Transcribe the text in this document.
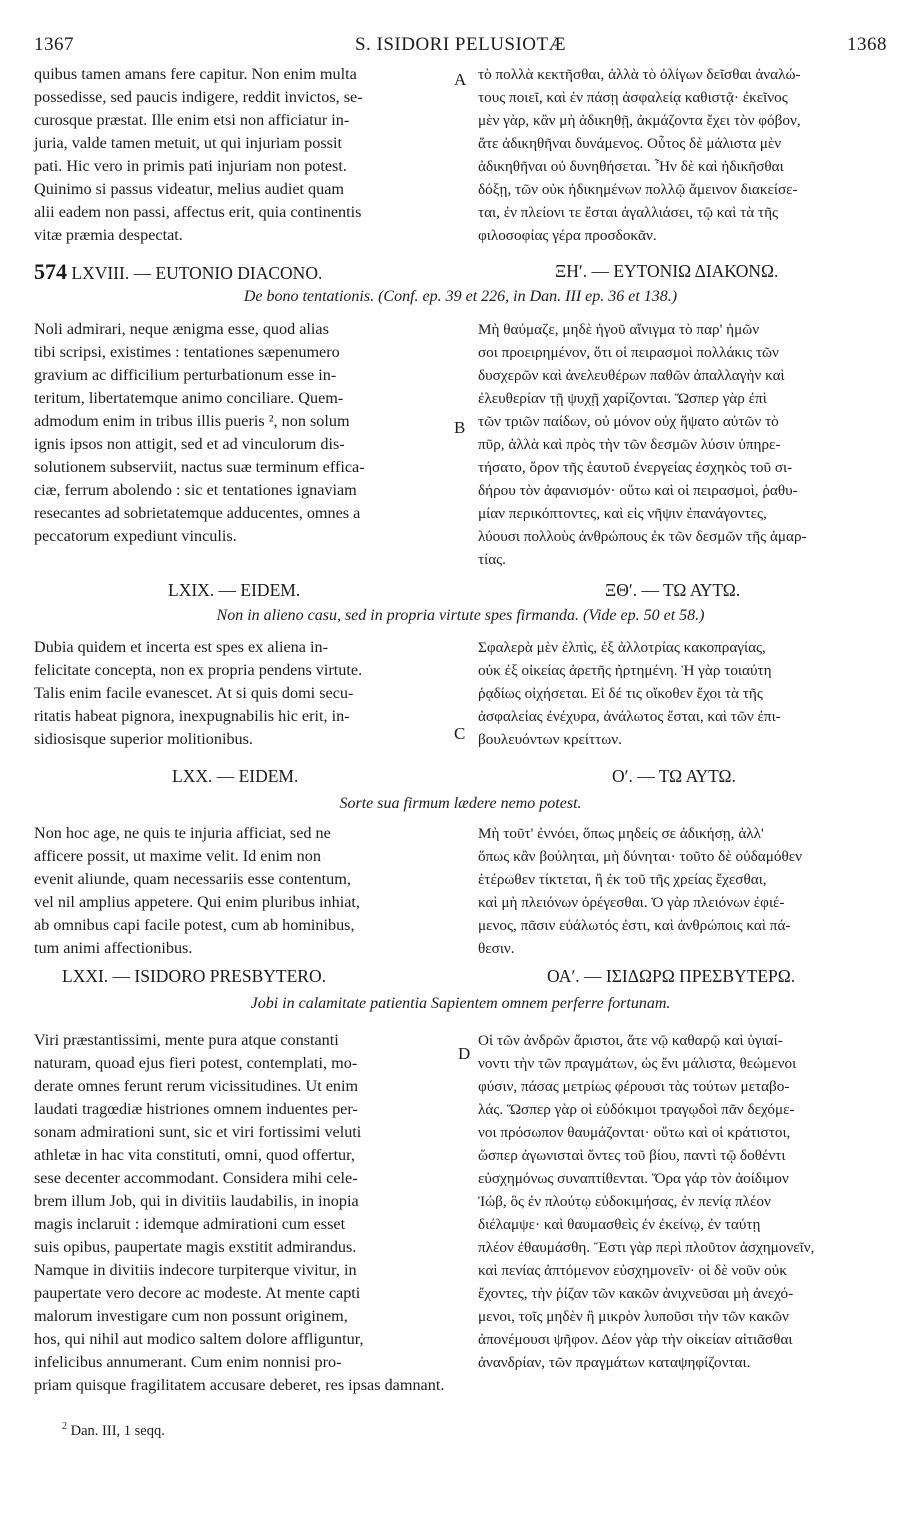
1367	S. ISIDORI PELUSIOTÆ	1368
quibus tamen amans fere capitur. Non enim multa
possedisse, sed paucis indigere, reddit invictos, se-
curosque præstat. Ille enim etsi non afficiatur in-
juria, valde tamen metuit, ut qui injuriam possit
pati. Hic vero in primis pati injuriam non potest.
Quinimo si passus videatur, melius audiet quam
alii eadem non passi, affectus erit, quia continentis
vitæ præmia despectat.
τὸ πολλὰ κεκτῆσθαι, ἀλλὰ τὸ ὀλίγων δεῖσθαι ἀναλώ-
τους ποιεῖ, καὶ ἐν πάσῃ ἀσφαλείᾳ καθιστᾷ· ἐκεῖνος
μὲν γὰρ, κἂν μὴ ἀδικηθῇ, ἀκμάζοντα ἔχει τὸν φόβον,
ἅτε ἀδικηθῆναι δυνάμενος. Οὗτος δὲ μάλιστα μὲν
ἀδικηθῆναι οὐ δυνηθήσεται. Ἦν δὲ καὶ ἠδικῆσθαι
δόξῃ, τῶν οὐκ ἠδικημένων πολλῷ ἄμεινον διακείσε-
ται, ἐν πλείονι τε ἔσται ἀγαλλιάσει, τῷ καὶ τὰ τῆς
φιλοσοφίας γέρα προσδοκᾶν.
A
B
C
D
574 LXVIII. — EUTONIO DIACONO.	ΞΗʹ. — ΕΥΤΟΝΙΩ ΔΙΑΚΟΝΩ.
De bono tentationis. (Conf. ep. 39 et 226, in Dan. III ep. 36 et 138.)
Noli admirari, neque ænigma esse, quod alias
tibi scripsi, existimes : tentationes sæpenumero
gravium ac difficilium perturbationum esse in-
teritum, libertatemque animo conciliare. Quem-
admodum enim in tribus illis pueris ², non solum
ignis ipsos non attigit, sed et ad vinculorum dis-
solutionem subserviit, nactus suæ terminum effica-
ciæ, ferrum abolendo : sic et tentationes ignaviam
resecantes ad sobrietatemque adducentes, omnes a
peccatorum expediunt vinculis.
Μὴ θαύμαζε, μηδὲ ἡγοῦ αἴνιγμα τὸ παρ' ἡμῶν
σοι προειρημένον, ὅτι οἱ πειρασμοὶ πολλάκις τῶν
δυσχερῶν καὶ ἀνελευθέρων παθῶν ἀπαλλαγὴν καὶ
ἐλευθερίαν τῇ ψυχῇ χαρίζονται. Ὥσπερ γὰρ ἐπὶ
τῶν τριῶν παίδων, οὐ μόνον οὐχ ἥψατο αὐτῶν τὸ
πῦρ, ἀλλὰ καὶ πρὸς τὴν τῶν δεσμῶν λύσιν ὑπηρε-
τήσατο, ὅρον τῆς ἑαυτοῦ ἐνεργείας ἐσχηκὸς τοῦ σι-
δήρου τὸν ἀφανισμόν· οὕτω καὶ οἱ πειρασμοὶ, ῥαθυ-
μίαν περικόπτοντες, καὶ εἰς νῆψιν ἐπανάγοντες,
λύουσι πολλοὺς ἀνθρώπους ἐκ τῶν δεσμῶν τῆς ἁμαρ-
τίας.
LXIX. — EIDEM.	ΞΘʹ. — ΤΩ ΑΥΤΩ.
Non in alieno casu, sed in propria virtute spes firmanda. (Vide ep. 50 et 58.)
Dubia quidem et incerta est spes ex aliena in-
felicitate concepta, non ex propria pendens virtute.
Talis enim facile evanescet. At si quis domi secu-
ritatis habeat pignora, inexpugnabilis hic erit, in-
sidiosisque superior molitionibus.
Σφαλερὰ μὲν ἐλπὶς, ἐξ ἀλλοτρίας κακοπραγίας,
οὐκ ἐξ οἰκείας ἀρετῆς ἠρτημένη. Ἡ γὰρ τοιαύτη
ῥᾳδίως οἰχήσεται. Εἰ δέ τις οἴκοθεν ἔχοι τὰ τῆς
ἀσφαλείας ἐνέχυρα, ἀνάλωτος ἔσται, καὶ τῶν ἐπι-
βουλευόντων κρείττων.
LXX. — EIDEM.	Οʹ. — ΤΩ ΑΥΤΩ.
Sorte sua firmum lædere nemo potest.
Non hoc age, ne quis te injuria afficiat, sed ne
afficere possit, ut maxime velit. Id enim non
evenit aliunde, quam necessariis esse contentum,
vel nil amplius appetere. Qui enim pluribus inhiat,
ab omnibus capi facile potest, cum ab hominibus,
tum animi affectionibus.
Μὴ τοῦτ' ἐννόει, ὅπως μηδείς σε ἀδικήσῃ, ἀλλ'
ὅπως κἂν βούληται, μὴ δύνηται· τοῦτο δὲ οὐδαμόθεν
ἑτέρωθεν τίκτεται, ἢ ἐκ τοῦ τῆς χρείας ἔχεσθαι,
καὶ μὴ πλειόνων ὀρέγεσθαι. Ὁ γὰρ πλειόνων ἐφιέ-
μενος, πᾶσιν εὐάλωτός ἐστι, καὶ ἀνθρώποις καὶ πά-
θεσιν.
LXXI. — ISIDORO PRESBYTERO.	ΟΑʹ. — ΙΣΙΔΩΡΩ ΠΡΕΣΒΥΤΕΡΩ.
Jobi in calamitate patientia Sapientem omnem perferre fortunam.
Viri præstantissimi, mente pura atque constanti
naturam, quoad ejus fieri potest, contemplati, mo-
derate omnes ferunt rerum vicissitudines. Ut enim
laudati tragœdiæ histriones omnem induentes per-
sonam admirationi sunt, sic et viri fortissimi veluti
athletæ in hac vita constituti, omni, quod offertur,
sese decenter accommodant. Considera mihi cele-
brem illum Job, qui in divitiis laudabilis, in inopia
magis inclaruit : idemque admirationi cum esset
suis opibus, paupertate magis exstitit admirandus.
Namque in divitiis indecore turpiterque vivitur, in
paupertate vero decore ac modeste. At mente capti
malorum investigare cum non possunt originem,
hos, qui nihil aut modico saltem dolore affliguntur,
infelicibus annumerant. Cum enim nonnisi pro-
priam quisque fragilitatem accusare deberet, res ipsas damnant.
Οἱ τῶν ἀνδρῶν ἄριστοι, ἅτε νῷ καθαρῷ καὶ ὑγιαί-
νοντι τὴν τῶν πραγμάτων, ὡς ἔνι μάλιστα, θεώμενοι
φύσιν, πάσας μετρίως φέρουσι τὰς τούτων μεταβο-
λάς. Ὥσπερ γὰρ οἱ εὐδόκιμοι τραγῳδοὶ πᾶν δεχόμε-
νοι πρόσωπον θαυμάζονται· οὕτω καὶ οἱ κράτιστοι,
ὥσπερ ἀγωνισταὶ ὄντες τοῦ βίου, παντὶ τῷ δοθέντι
εὐσχημόνως συναπτίθενται. Ὅρα γάρ τὸν ἀοίδιμον
Ἰώβ, ὃς ἐν πλούτῳ εὐδοκιμήσας, ἐν πενίᾳ πλέον
διέλαμψε· καὶ θαυμασθεὶς ἐν ἐκείνῳ, ἐν ταύτῃ
πλέον ἐθαυμάσθη. Ἔστι γὰρ περὶ πλοῦτον ἀσχημονεῖν,
καὶ πενίας ἀπτόμενον εὐσχημονεῖν· οἱ δὲ νοῦν οὐκ
ἔχοντες, τὴν ῥίζαν τῶν κακῶν ἀνιχνεῦσαι μὴ ἀνεχό-
μενοι, τοῖς μηδὲν ἢ μικρὸν λυποῦσι τὴν τῶν κακῶν
ἀπονέμουσι ψῆφον. Δέον γὰρ τὴν οἰκείαν αἰτιᾶσθαι
ἀνανδρίαν, τῶν πραγμάτων καταψηφίζονται.
$^2$ Dan. III, 1 seqq.
